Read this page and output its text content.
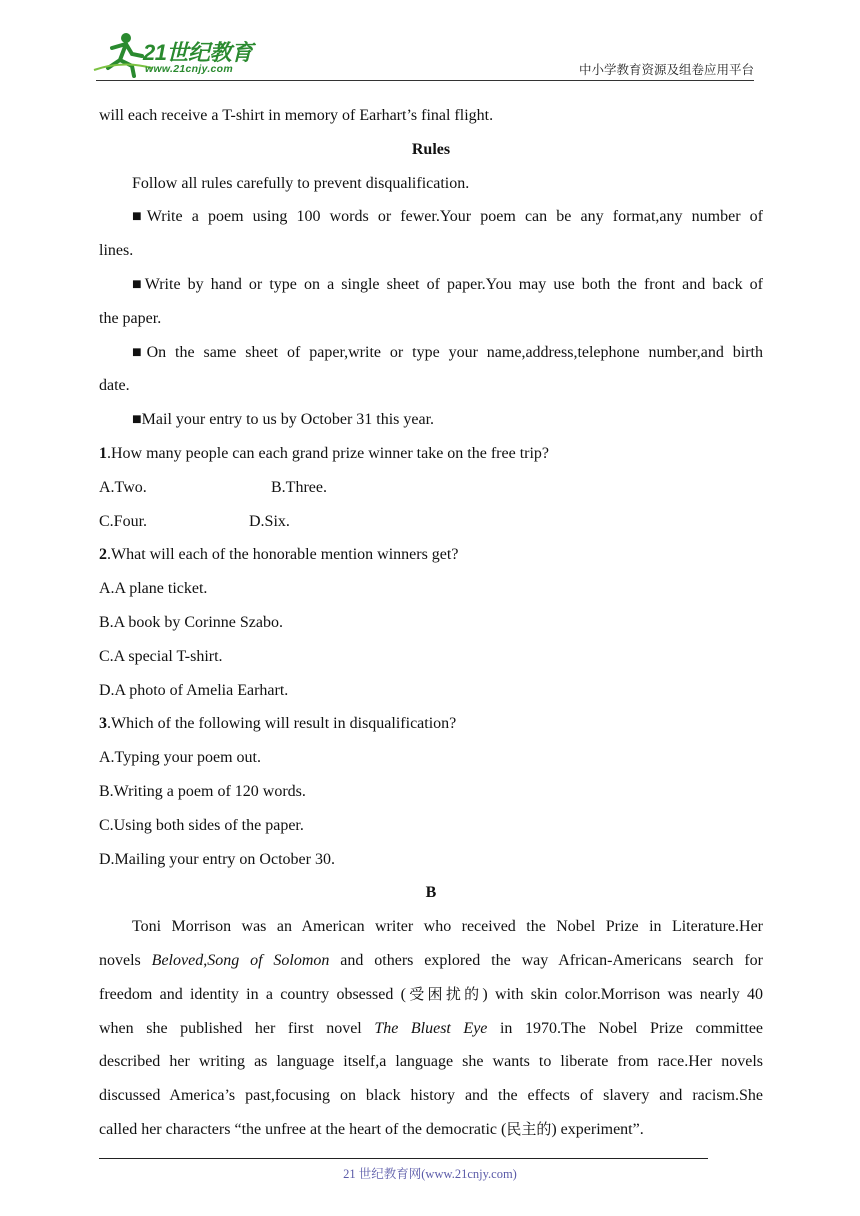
21世纪教育
www.21cnjy.com	中小学教育资源及组卷应用平台
will each receive a T-shirt in memory of Earhart’s final flight.
Rules
Follow all rules carefully to prevent disqualification.
■Write a poem using 100 words or fewer.Your poem can be any format,any number of
lines.
■Write by hand or type on a single sheet of paper.You may use both the front and back of
the paper.
■On the same sheet of paper,write or type your name,address,telephone number,and birth
date.
■Mail your entry to us by October 31 this year.
1.How many people can each grand prize winner take on the free trip?
A.Two.	B.Three.
C.Four.	D.Six.
2.What will each of the honorable mention winners get?
A.A plane ticket.
B.A book by Corinne Szabo.
C.A special T-shirt.
D.A photo of Amelia Earhart.
3.Which of the following will result in disqualification?
A.Typing your poem out.
B.Writing a poem of 120 words.
C.Using both sides of the paper.
D.Mailing your entry on October 30.
B
Toni Morrison was an American writer who received the Nobel Prize in Literature.Her
novels Beloved,Song of Solomon and others explored the way African-Americans search for
freedom and identity in a country obsessed (受困扰的) with skin color.Morrison was nearly 40
when she published her first novel The Bluest Eye in 1970.The Nobel Prize committee
described her writing as language itself,a language she wants to liberate from race.Her novels
discussed America’s past,focusing on black history and the effects of slavery and racism.She
called her characters “the unfree at the heart of the democratic (民主的) experiment”.
21 世纪教育网(www.21cnjy.com)
